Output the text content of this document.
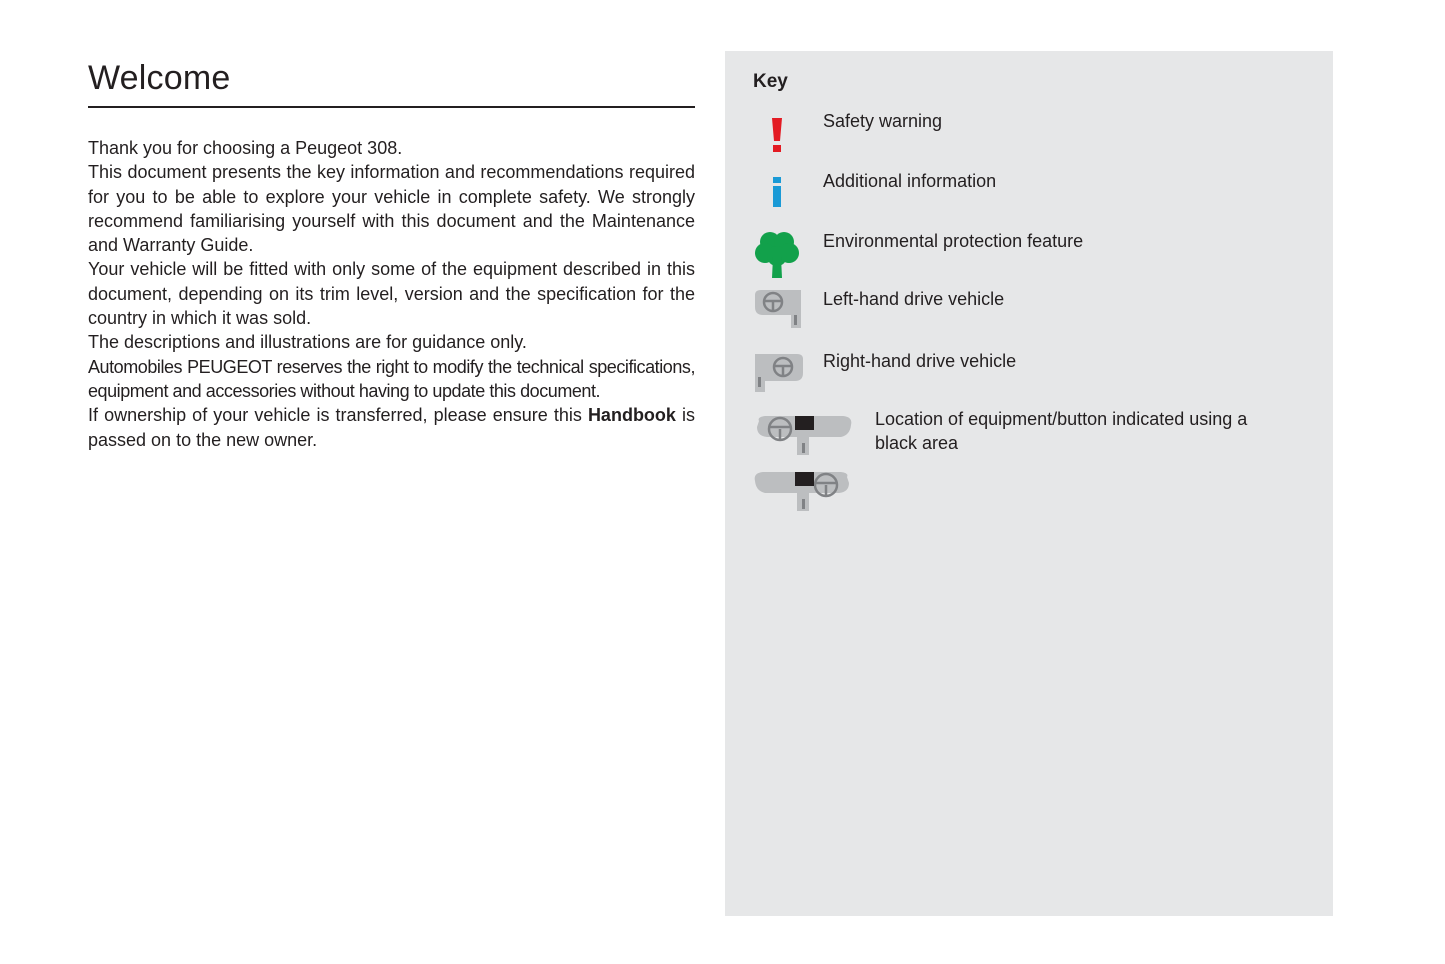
Welcome

Thank you for choosing a Peugeot 308.

This document presents the key information and recommendations required for you to be able to explore your vehicle in complete safety. We strongly recommend familiarising yourself with this document and the Maintenance and Warranty Guide.

Your vehicle will be fitted with only some of the equipment described in this document, depending on its trim level, version and the specification for the country in which it was sold.

The descriptions and illustrations are for guidance only.

Automobiles PEUGEOT reserves the right to modify the technical specifications, equipment and accessories without having to update this document.

If ownership of your vehicle is transferred, please ensure this Handbook is passed on to the new owner.

Key
Safety warning
Additional information
Environmental protection feature
Left-hand drive vehicle
Right-hand drive vehicle
Location of equipment/button indicated using a
black area
